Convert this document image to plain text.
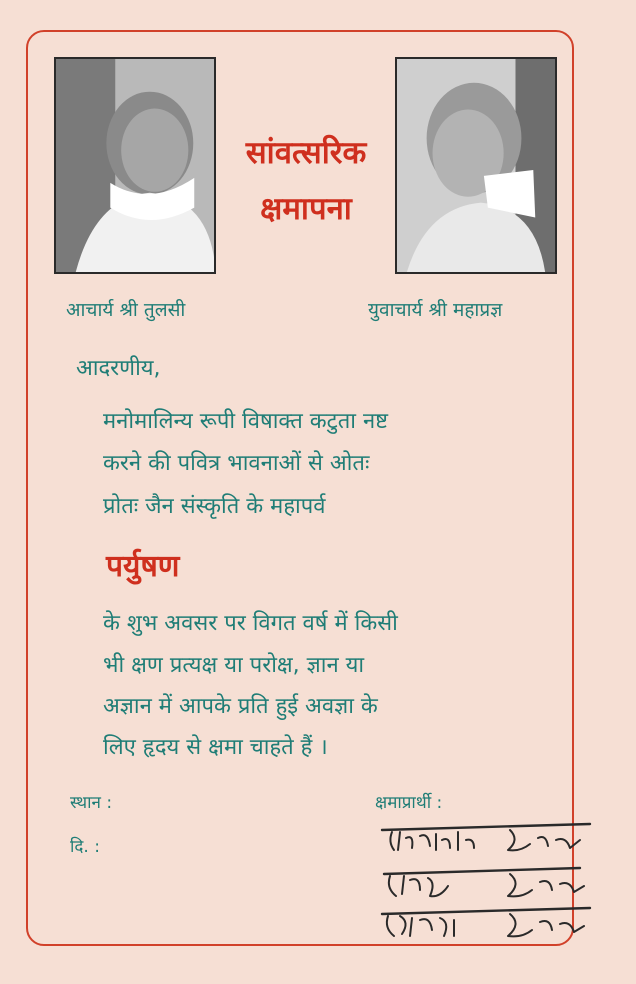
सांवत्सरिक
क्षमापना
आचार्य श्री तुलसी	युवाचार्य श्री महाप्रज्ञ
आदरणीय,
मनोमालिन्य रूपी विषाक्त कटुता नष्ट
करने की पवित्र भावनाओं से ओतः
प्रोतः जैन संस्कृति के महापर्व
पर्युषण
के शुभ अवसर पर विगत वर्ष में किसी
भी क्षण प्रत्यक्ष या परोक्ष, ज्ञान या
अज्ञान में आपके प्रति हुई अवज्ञा के
लिए हृदय से क्षमा चाहते हैं ।
स्थान :
दि. :
क्षमाप्रार्थी :
